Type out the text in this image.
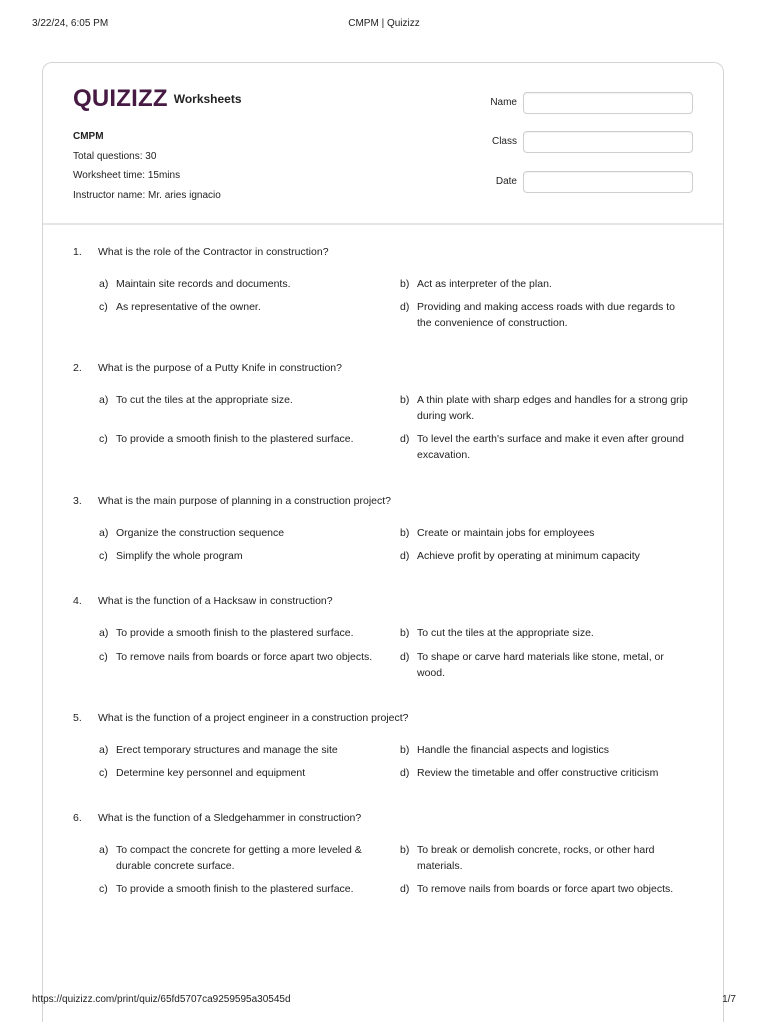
3/22/24, 6:05 PM	CMPM | Quizizz
QUIZIZZ Worksheets
CMPM
Total questions: 30
Worksheet time: 15mins
Instructor name: Mr. aries ignacio
Name
Class
Date
1. What is the role of the Contractor in construction?
a) Maintain site records and documents.	b) Act as interpreter of the plan.
c) As representative of the owner.	d) Providing and making access roads with due regards to the convenience of construction.
2. What is the purpose of a Putty Knife in construction?
a) To cut the tiles at the appropriate size.	b) A thin plate with sharp edges and handles for a strong grip during work.
c) To provide a smooth finish to the plastered surface.	d) To level the earth's surface and make it even after ground excavation.
3. What is the main purpose of planning in a construction project?
a) Organize the construction sequence	b) Create or maintain jobs for employees
c) Simplify the whole program	d) Achieve profit by operating at minimum capacity
4. What is the function of a Hacksaw in construction?
a) To provide a smooth finish to the plastered surface.	b) To cut the tiles at the appropriate size.
c) To remove nails from boards or force apart two objects.	d) To shape or carve hard materials like stone, metal, or wood.
5. What is the function of a project engineer in a construction project?
a) Erect temporary structures and manage the site	b) Handle the financial aspects and logistics
c) Determine key personnel and equipment	d) Review the timetable and offer constructive criticism
6. What is the function of a Sledgehammer in construction?
a) To compact the concrete for getting a more leveled & durable concrete surface.
b) To break or demolish concrete, rocks, or other hard materials.
c) To provide a smooth finish to the plastered surface.	d) To remove nails from boards or force apart two objects.
https://quizizz.com/print/quiz/65fd5707ca9259595a30545d	1/7
